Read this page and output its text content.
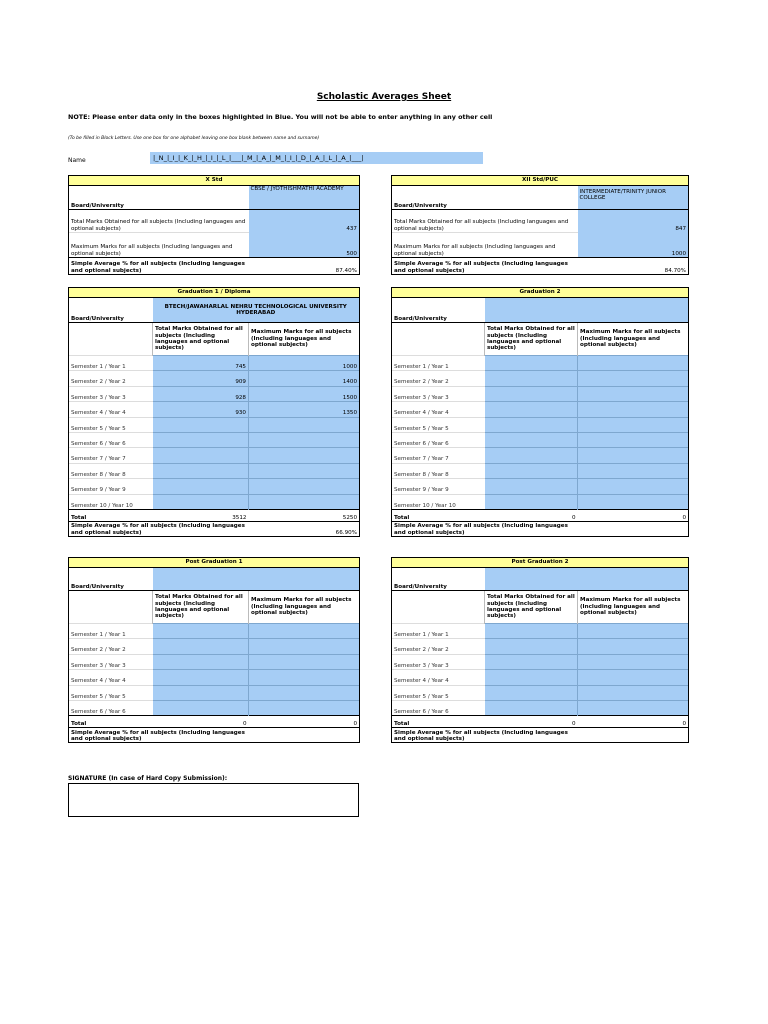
Scholastic Averages Sheet
NOTE: Please enter data only in the boxes highlighted in Blue. You will not be able to enter anything in any other cell
(To be filled in Block Letters. Use one box for one alphabet leaving one box blank between name and surname)
Name	|_N_|_I_|_K_|_H_|_I_|_L_|___|_M_|_A_|_M_|_I_|_D_|_A_|_L_|_A_|___|
X Std	
Board/University	CBSE / JYOTHISHMATHI ACADEMY
Total Marks Obtained for all subjects (Including languages and optional subjects)	437
Maximum Marks for all subjects (Including languages and optional subjects)	500
Simple Average % for all subjects (Including languages and optional subjects)	87.40%
XII Std/PUC	
Board/University	INTERMEDIATE/TRINITY JUNIOR COLLEGE
Total Marks Obtained for all subjects (Including languages and optional subjects)	847
Maximum Marks for all subjects (Including languages and optional subjects)	1000
Simple Average % for all subjects (Including languages and optional subjects)	84.70%
Graduation 1 / Diploma		
Board/University	BTECH/JAWAHARLAL NEHRU TECHNOLOGICAL UNIVERSITY HYDERABAD	
	Total Marks Obtained for all subjects (Including languages and optional subjects)	Maximum Marks for all subjects (Including languages and optional subjects)
Semester 1 / Year 1	745	1000
Semester 2 / Year 2	909	1400
Semester 3 / Year 3	928	1500
Semester 4 / Year 4	930	1350
Semester 5 / Year 5		
Semester 6 / Year 6		
Semester 7 / Year 7		
Semester 8 / Year 8		
Semester 9 / Year 9		
Semester 10 / Year 10		
Total	3512	5250
Simple Average % for all subjects (Including languages and optional subjects)		66.90%
Graduation 2		
Board/University		
	Total Marks Obtained for all subjects (Including languages and optional subjects)	Maximum Marks for all subjects (Including languages and optional subjects)
Semester 1 / Year 1		
Semester 2 / Year 2		
Semester 3 / Year 3		
Semester 4 / Year 4		
Semester 5 / Year 5		
Semester 6 / Year 6		
Semester 7 / Year 7		
Semester 8 / Year 8		
Semester 9 / Year 9		
Semester 10 / Year 10		
Total	0	0
Simple Average % for all subjects (Including languages and optional subjects)		
Post Graduation 1		
Board/University		
	Total Marks Obtained for all subjects (Including languages and optional subjects)	Maximum Marks for all subjects (Including languages and optional subjects)
Semester 1 / Year 1		
Semester 2 / Year 2		
Semester 3 / Year 3		
Semester 4 / Year 4		
Semester 5 / Year 5		
Semester 6 / Year 6		
Total	0	0
Simple Average % for all subjects (Including languages and optional subjects)		
Post Graduation 2		
Board/University		
	Total Marks Obtained for all subjects (Including languages and optional subjects)	Maximum Marks for all subjects (Including languages and optional subjects)
Semester 1 / Year 1		
Semester 2 / Year 2		
Semester 3 / Year 3		
Semester 4 / Year 4		
Semester 5 / Year 5		
Semester 6 / Year 6		
Total	0	0
Simple Average % for all subjects (Including languages and optional subjects)		
SIGNATURE (In case of Hard Copy Submission):
